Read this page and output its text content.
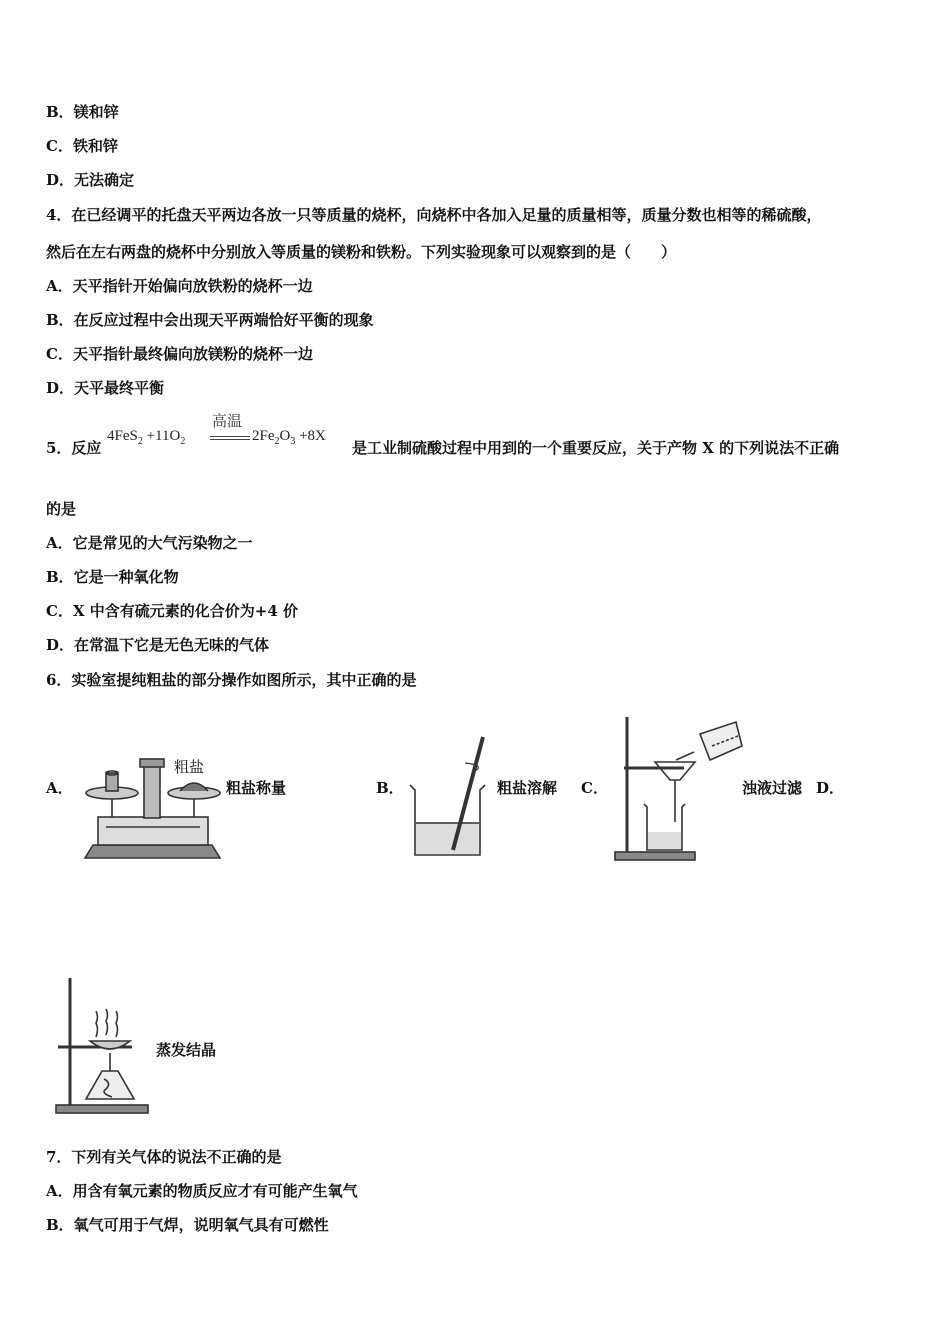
B．镁和锌
C．铁和锌
D．无法确定
4．在已经调平的托盘天平两边各放一只等质量的烧杯，向烧杯中各加入足量的质量相等，质量分数也相等的稀硫酸，
然后在左右两盘的烧杯中分别放入等质量的镁粉和铁粉。下列实验现象可以观察到的是（　　）
A．天平指针开始偏向放铁粉的烧杯一边
B．在反应过程中会出现天平两端恰好平衡的现象
C．天平指针最终偏向放镁粉的烧杯一边
D．天平最终平衡
5．反应
$4FeS_2 +11O_2$
高温
$2Fe_2O_3 +8X$
是工业制硫酸过程中用到的一个重要反应，关于产物 X 的下列说法不正确
的是
A．它是常见的大气污染物之一
B．它是一种氧化物
C．X 中含有硫元素的化合价为+4 价
D．在常温下它是无色无味的气体
6．实验室提纯粗盐的部分操作如图所示，其中正确的是
A．
粗盐
粗盐称量	B．	粗盐溶解 C．	浊液过滤 D．
蒸发结晶
7．下列有关气体的说法不正确的是
A．用含有氧元素的物质反应才有可能产生氧气
B．氧气可用于气焊，说明氧气具有可燃性
